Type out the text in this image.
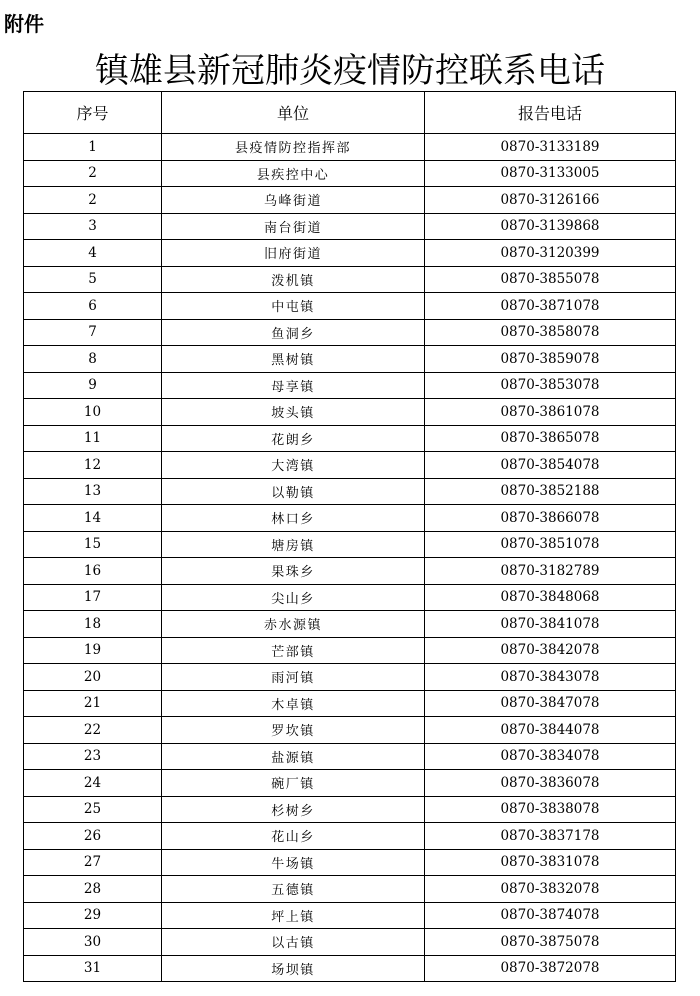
附件
镇雄县新冠肺炎疫情防控联系电话
序号	单位	报告电话
1	县疫情防控指挥部	0870-3133189
2	县疾控中心	0870-3133005
2	乌峰街道	0870-3126166
3	南台街道	0870-3139868
4	旧府街道	0870-3120399
5	泼机镇	0870-3855078
6	中屯镇	0870-3871078
7	鱼洞乡	0870-3858078
8	黑树镇	0870-3859078
9	母享镇	0870-3853078
10	坡头镇	0870-3861078
11	花朗乡	0870-3865078
12	大湾镇	0870-3854078
13	以勒镇	0870-3852188
14	林口乡	0870-3866078
15	塘房镇	0870-3851078
16	果珠乡	0870-3182789
17	尖山乡	0870-3848068
18	赤水源镇	0870-3841078
19	芒部镇	0870-3842078
20	雨河镇	0870-3843078
21	木卓镇	0870-3847078
22	罗坎镇	0870-3844078
23	盐源镇	0870-3834078
24	碗厂镇	0870-3836078
25	杉树乡	0870-3838078
26	花山乡	0870-3837178
27	牛场镇	0870-3831078
28	五德镇	0870-3832078
29	坪上镇	0870-3874078
30	以古镇	0870-3875078
31	场坝镇	0870-3872078
